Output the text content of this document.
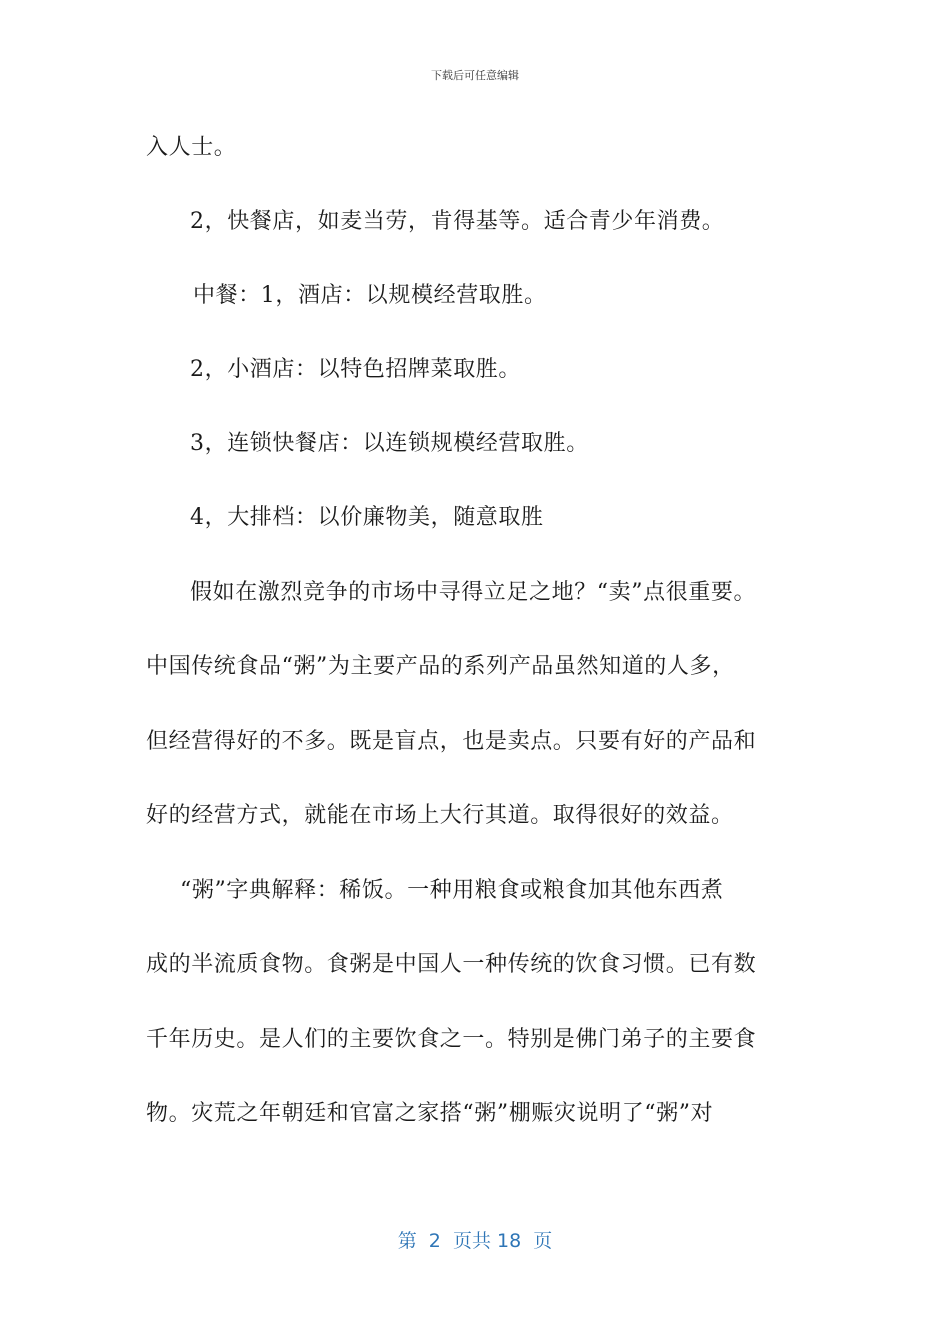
下载后可任意编辑
入人士。
2，快餐店，如麦当劳，肯得基等。适合青少年消费。
中餐：1，酒店：以规模经营取胜。
2，小酒店：以特色招牌菜取胜。
3，连锁快餐店：以连锁规模经营取胜。
4，大排档：以价廉物美，随意取胜
假如在激烈竞争的市场中寻得立足之地？“卖”点很重要。
中国传统食品“粥”为主要产品的系列产品虽然知道的人多，
但经营得好的不多。既是盲点，也是卖点。只要有好的产品和
好的经营方式，就能在市场上大行其道。取得很好的效益。
“粥”字典解释：稀饭。一种用粮食或粮食加其他东西煮
成的半流质食物。食粥是中国人一种传统的饮食习惯。已有数
千年历史。是人们的主要饮食之一。特别是佛门弟子的主要食
物。灾荒之年朝廷和官富之家搭“粥”棚赈灾说明了“粥”对
第  2  页共 18  页
